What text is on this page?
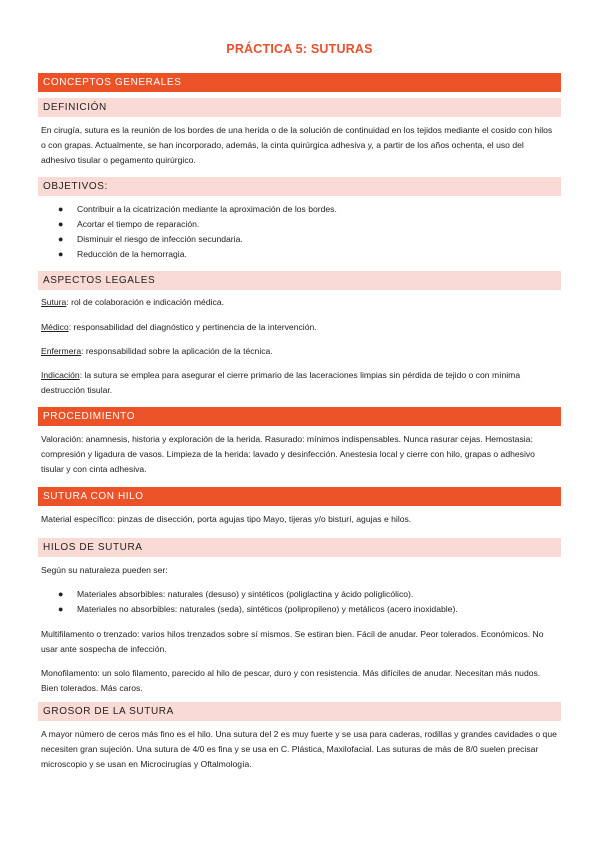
PRÁCTICA 5: SUTURAS
CONCEPTOS GENERALES
DEFINICIÓN
En cirugía, sutura es la reunión de los bordes de una herida o de la solución de continuidad en los tejidos mediante el cosido con hilos o con grapas. Actualmente, se han incorporado, además, la cinta quirúrgica adhesiva y, a partir de los años ochenta, el uso del adhesivo tisular o pegamento quirúrgico.
OBJETIVOS:
● Contribuir a la cicatrización mediante la aproximación de los bordes.
● Acortar el tiempo de reparación.
● Disminuir el riesgo de infección secundaria.
● Reducción de la hemorragia.
ASPECTOS LEGALES
Sutura: rol de colaboración e indicación médica.
Médico: responsabilidad del diagnóstico y pertinencia de la intervención.
Enfermera: responsabilidad sobre la aplicación de la técnica.
Indicación: la sutura se emplea para asegurar el cierre primario de las laceraciones limpias sin pérdida de tejido o con mínima destrucción tisular.
PROCEDIMIENTO
Valoración: anamnesis, historia y exploración de la herida. Rasurado: mínimos indispensables. Nunca rasurar cejas. Hemostasia: compresión y ligadura de vasos. Limpieza de la herida: lavado y desinfección. Anestesia local y cierre con hilo, grapas o adhesivo tisular y con cinta adhesiva.
SUTURA CON HILO
Material específico: pinzas de disección, porta agujas tipo Mayo, tijeras y/o bisturí, agujas e hilos.
HILOS DE SUTURA
Según su naturaleza pueden ser:
● Materiales absorbibles: naturales (desuso) y sintéticos (poliglactina y ácido poliglicólico).
● Materiales no absorbibles: naturales (seda), sintéticos (polipropileno) y metálicos (acero inoxidable).
Multifilamento o trenzado: varios hilos trenzados sobre sí mismos. Se estiran bien. Fácil de anudar. Peor tolerados. Económicos. No usar ante sospecha de infección.
Monofilamento: un solo filamento, parecido al hilo de pescar, duro y con resistencia. Más difíciles de anudar. Necesitan más nudos. Bien tolerados. Más caros.
GROSOR DE LA SUTURA
A mayor número de ceros más fino es el hilo. Una sutura del 2 es muy fuerte y se usa para caderas, rodillas y grandes cavidades o que necesiten gran sujeción. Una sutura de 4/0 es fina y se usa en C. Plástica, Maxilofacial. Las suturas de más de 8/0 suelen precisar microscopio y se usan en Microcirugías y Oftalmología.
